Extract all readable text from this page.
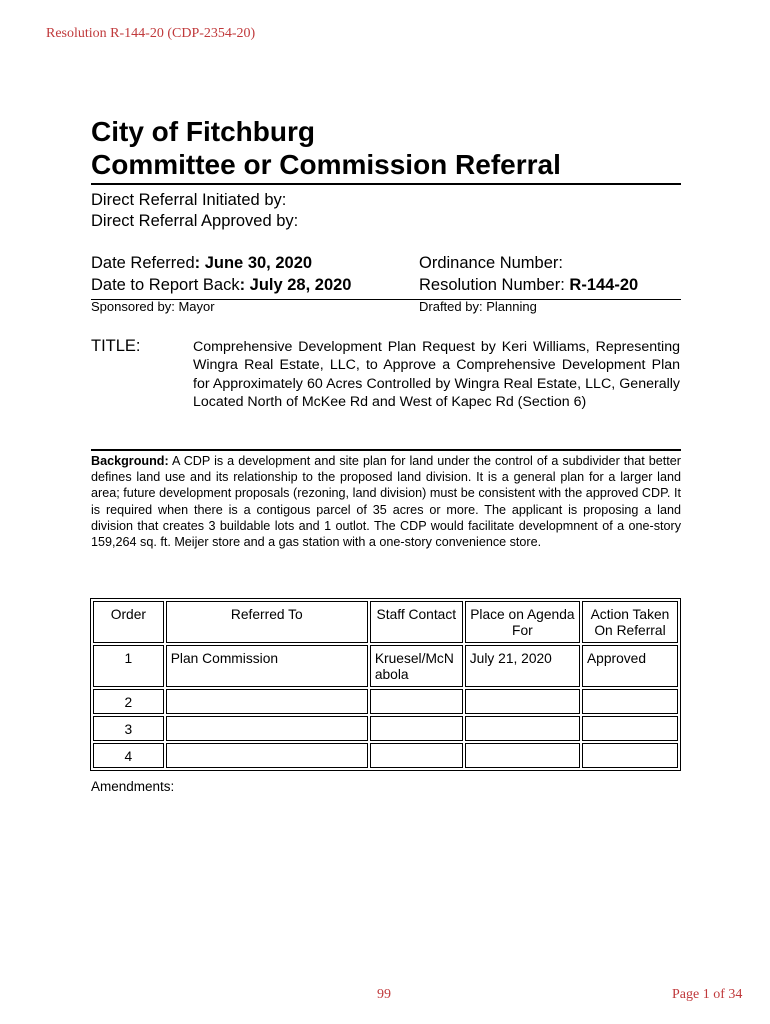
Resolution R-144-20 (CDP-2354-20)
City of Fitchburg
Committee or Commission Referral
Direct Referral Initiated by:
Direct Referral Approved by:
Date Referred: June 30, 2020	Ordinance Number:
Date to Report Back: July 28, 2020	Resolution Number: R-144-20
Sponsored by: Mayor	Drafted by: Planning
TITLE:	Comprehensive Development Plan Request by Keri Williams, Representing Wingra Real Estate, LLC, to Approve a Comprehensive Development Plan for Approximately 60 Acres Controlled by Wingra Real Estate, LLC, Generally Located North of McKee Rd and West of Kapec Rd (Section 6)
Background: A CDP is a development and site plan for land under the control of a subdivider that better defines land use and its relationship to the proposed land division. It is a general plan for a larger land area; future development proposals (rezoning, land division) must be consistent with the approved CDP. It is required when there is a contigous parcel of 35 acres or more. The applicant is proposing a land division that creates 3 buildable lots and 1 outlot. The CDP would facilitate developmnent of a one-story 159,264 sq. ft. Meijer store and a gas station with a one-story convenience store.
Order	Referred To	Staff Contact	Place on Agenda For	Action Taken On Referral
1	Plan Commission	Kruesel/McN abola	July 21, 2020	Approved
2				
3				
4				
Amendments:
99	Page 1 of 34
